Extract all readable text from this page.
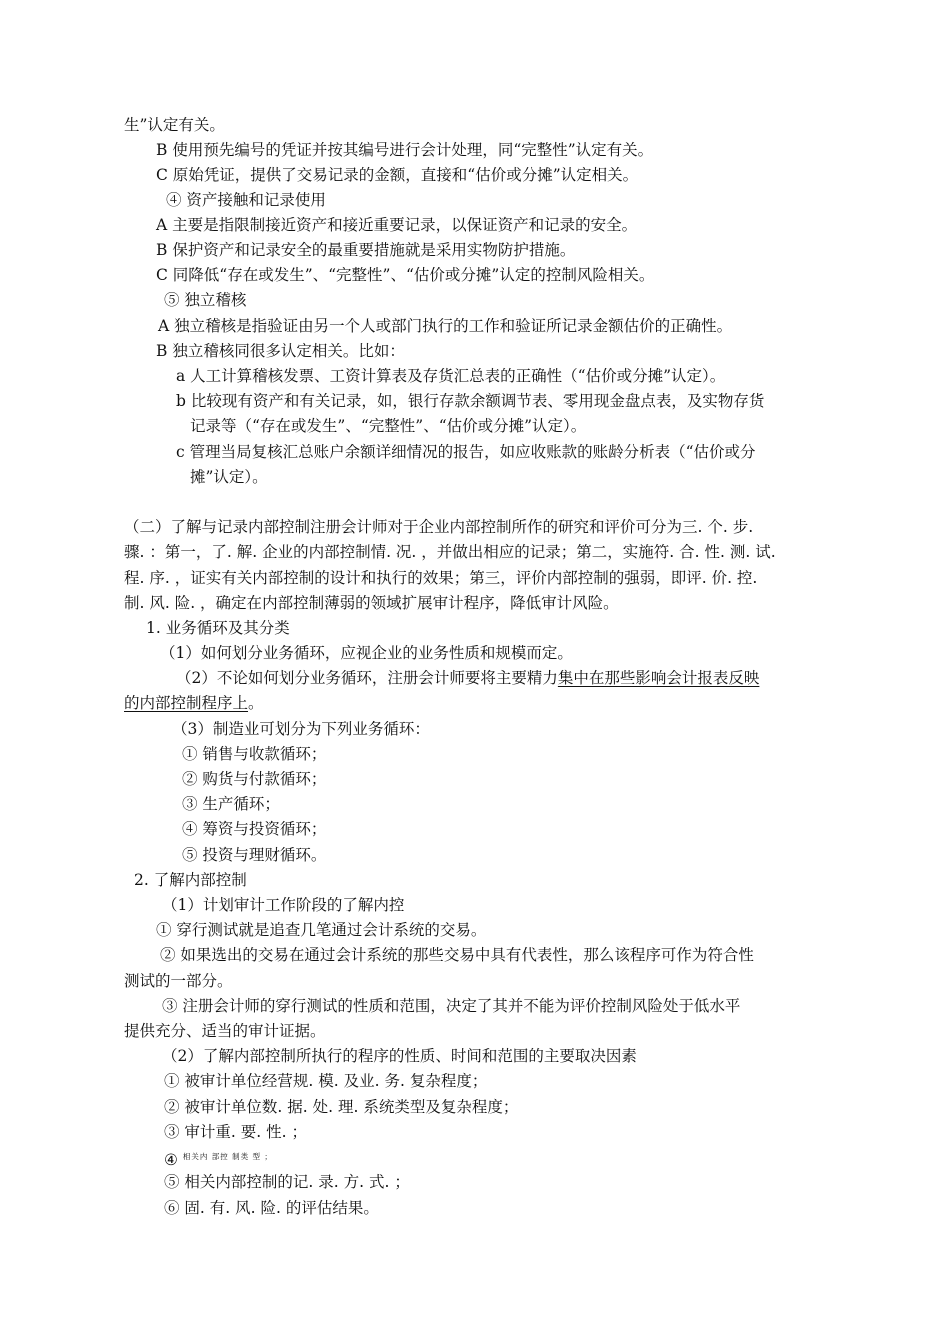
生”认定有关。
B 使用预先编号的凭证并按其编号进行会计处理，同“完整性”认定有关。
C 原始凭证，提供了交易记录的金额，直接和“估价或分摊”认定相关。
④ 资产接触和记录使用
A 主要是指限制接近资产和接近重要记录，以保证资产和记录的安全。
B 保护资产和记录安全的最重要措施就是采用实物防护措施。
C 同降低“存在或发生”、“完整性”、“估价或分摊”认定的控制风险相关。
⑤ 独立稽核
A 独立稽核是指验证由另一个人或部门执行的工作和验证所记录金额估价的正确性。
B 独立稽核同很多认定相关。比如：
a 人工计算稽核发票、工资计算表及存货汇总表的正确性（“估价或分摊”认定）。
b 比较现有资产和有关记录，如，银行存款余额调节表、零用现金盘点表，及实物存货
记录等（“存在或发生”、“完整性”、“估价或分摊”认定）。
c 管理当局复核汇总账户余额详细情况的报告，如应收账款的账龄分析表（“估价或分
摊”认定）。
（二）了解与记录内部控制注册会计师对于企业内部控制所作的研究和评价可分为三. 个. 步.
骤. ：第一，了. 解. 企业的内部控制情. 况. ，并做出相应的记录；第二，实施符. 合. 性. 测. 试.
程. 序. ，证实有关内部控制的设计和执行的效果；第三，评价内部控制的强弱，即评. 价. 控.
制. 风. 险. ，确定在内部控制薄弱的领域扩展审计程序，降低审计风险。
1. 业务循环及其分类
（1）如何划分业务循环，应视企业的业务性质和规模而定。
（2）不论如何划分业务循环，注册会计师要将主要精力集中在那些影响会计报表反映
的内部控制程序上。
（3）制造业可划分为下列业务循环：
① 销售与收款循环；
② 购货与付款循环；
③ 生产循环；
④ 筹资与投资循环；
⑤ 投资与理财循环。
2. 了解内部控制
（1）计划审计工作阶段的了解内控
① 穿行测试就是追查几笔通过会计系统的交易。
② 如果选出的交易在通过会计系统的那些交易中具有代表性，那么该程序可作为符合性
测试的一部分。
③ 注册会计师的穿行测试的性质和范围，决定了其并不能为评价控制风险处于低水平
提供充分、适当的审计证据。
（2）了解内部控制所执行的程序的性质、时间和范围的主要取决因素
① 被审计单位经营规. 模. 及业. 务. 复杂程度；
② 被审计单位数. 据. 处. 理. 系统类型及复杂程度；
③ 审计重. 要. 性. ；
④ $^{相关内 部控 制类 型 ;}$
⑤ 相关内部控制的记. 录. 方. 式. ；
⑥ 固. 有. 风. 险. 的评估结果。
